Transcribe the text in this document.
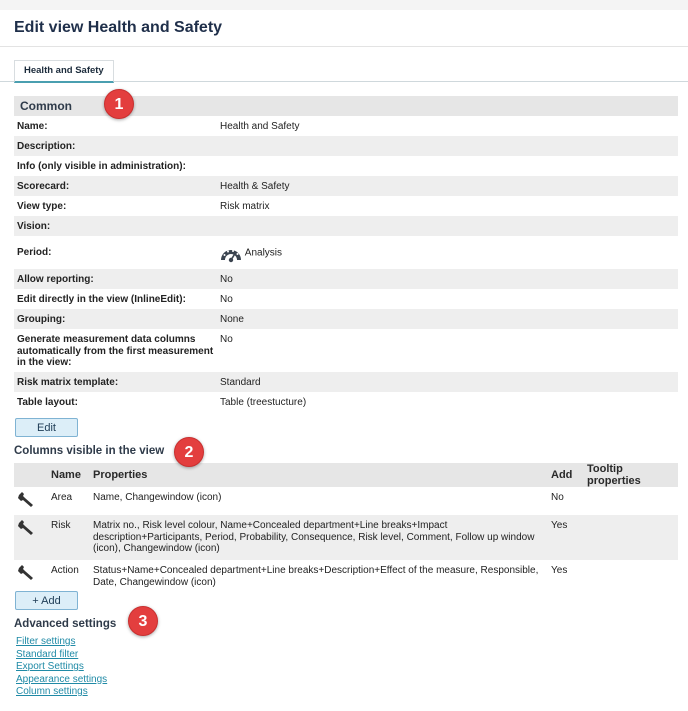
Edit view Health and Safety
Health and Safety
Common
Name:	Health and Safety
Description:	
Info (only visible in administration):	
Scorecard:	Health & Safety
View type:	Risk matrix
Vision:	
Period:	Analysis
Allow reporting:	No
Edit directly in the view (InlineEdit):	No
Grouping:	None
Generate measurement data columns automatically from the first measurement in the view:	No
Risk matrix template:	Standard
Table layout:	Table (treestucture)
Edit
Columns visible in the view
	Name	Properties	Add	Tooltip properties

	Area	Name, Changewindow (icon)	No	

	Risk	Matrix no., Risk level colour, Name+Concealed department+Line breaks+Impact description+Participants, Period, Probability, Consequence, Risk level, Comment, Follow up window (icon), Changewindow (icon)	Yes	

	Action	Status+Name+Concealed department+Line breaks+Description+Effect of the measure, Responsible, Date, Changewindow (icon)	Yes	
+ Add
Advanced settings
Filter settings
Standard filter
Export Settings
Appearance settings
Column settings
1
2
3
